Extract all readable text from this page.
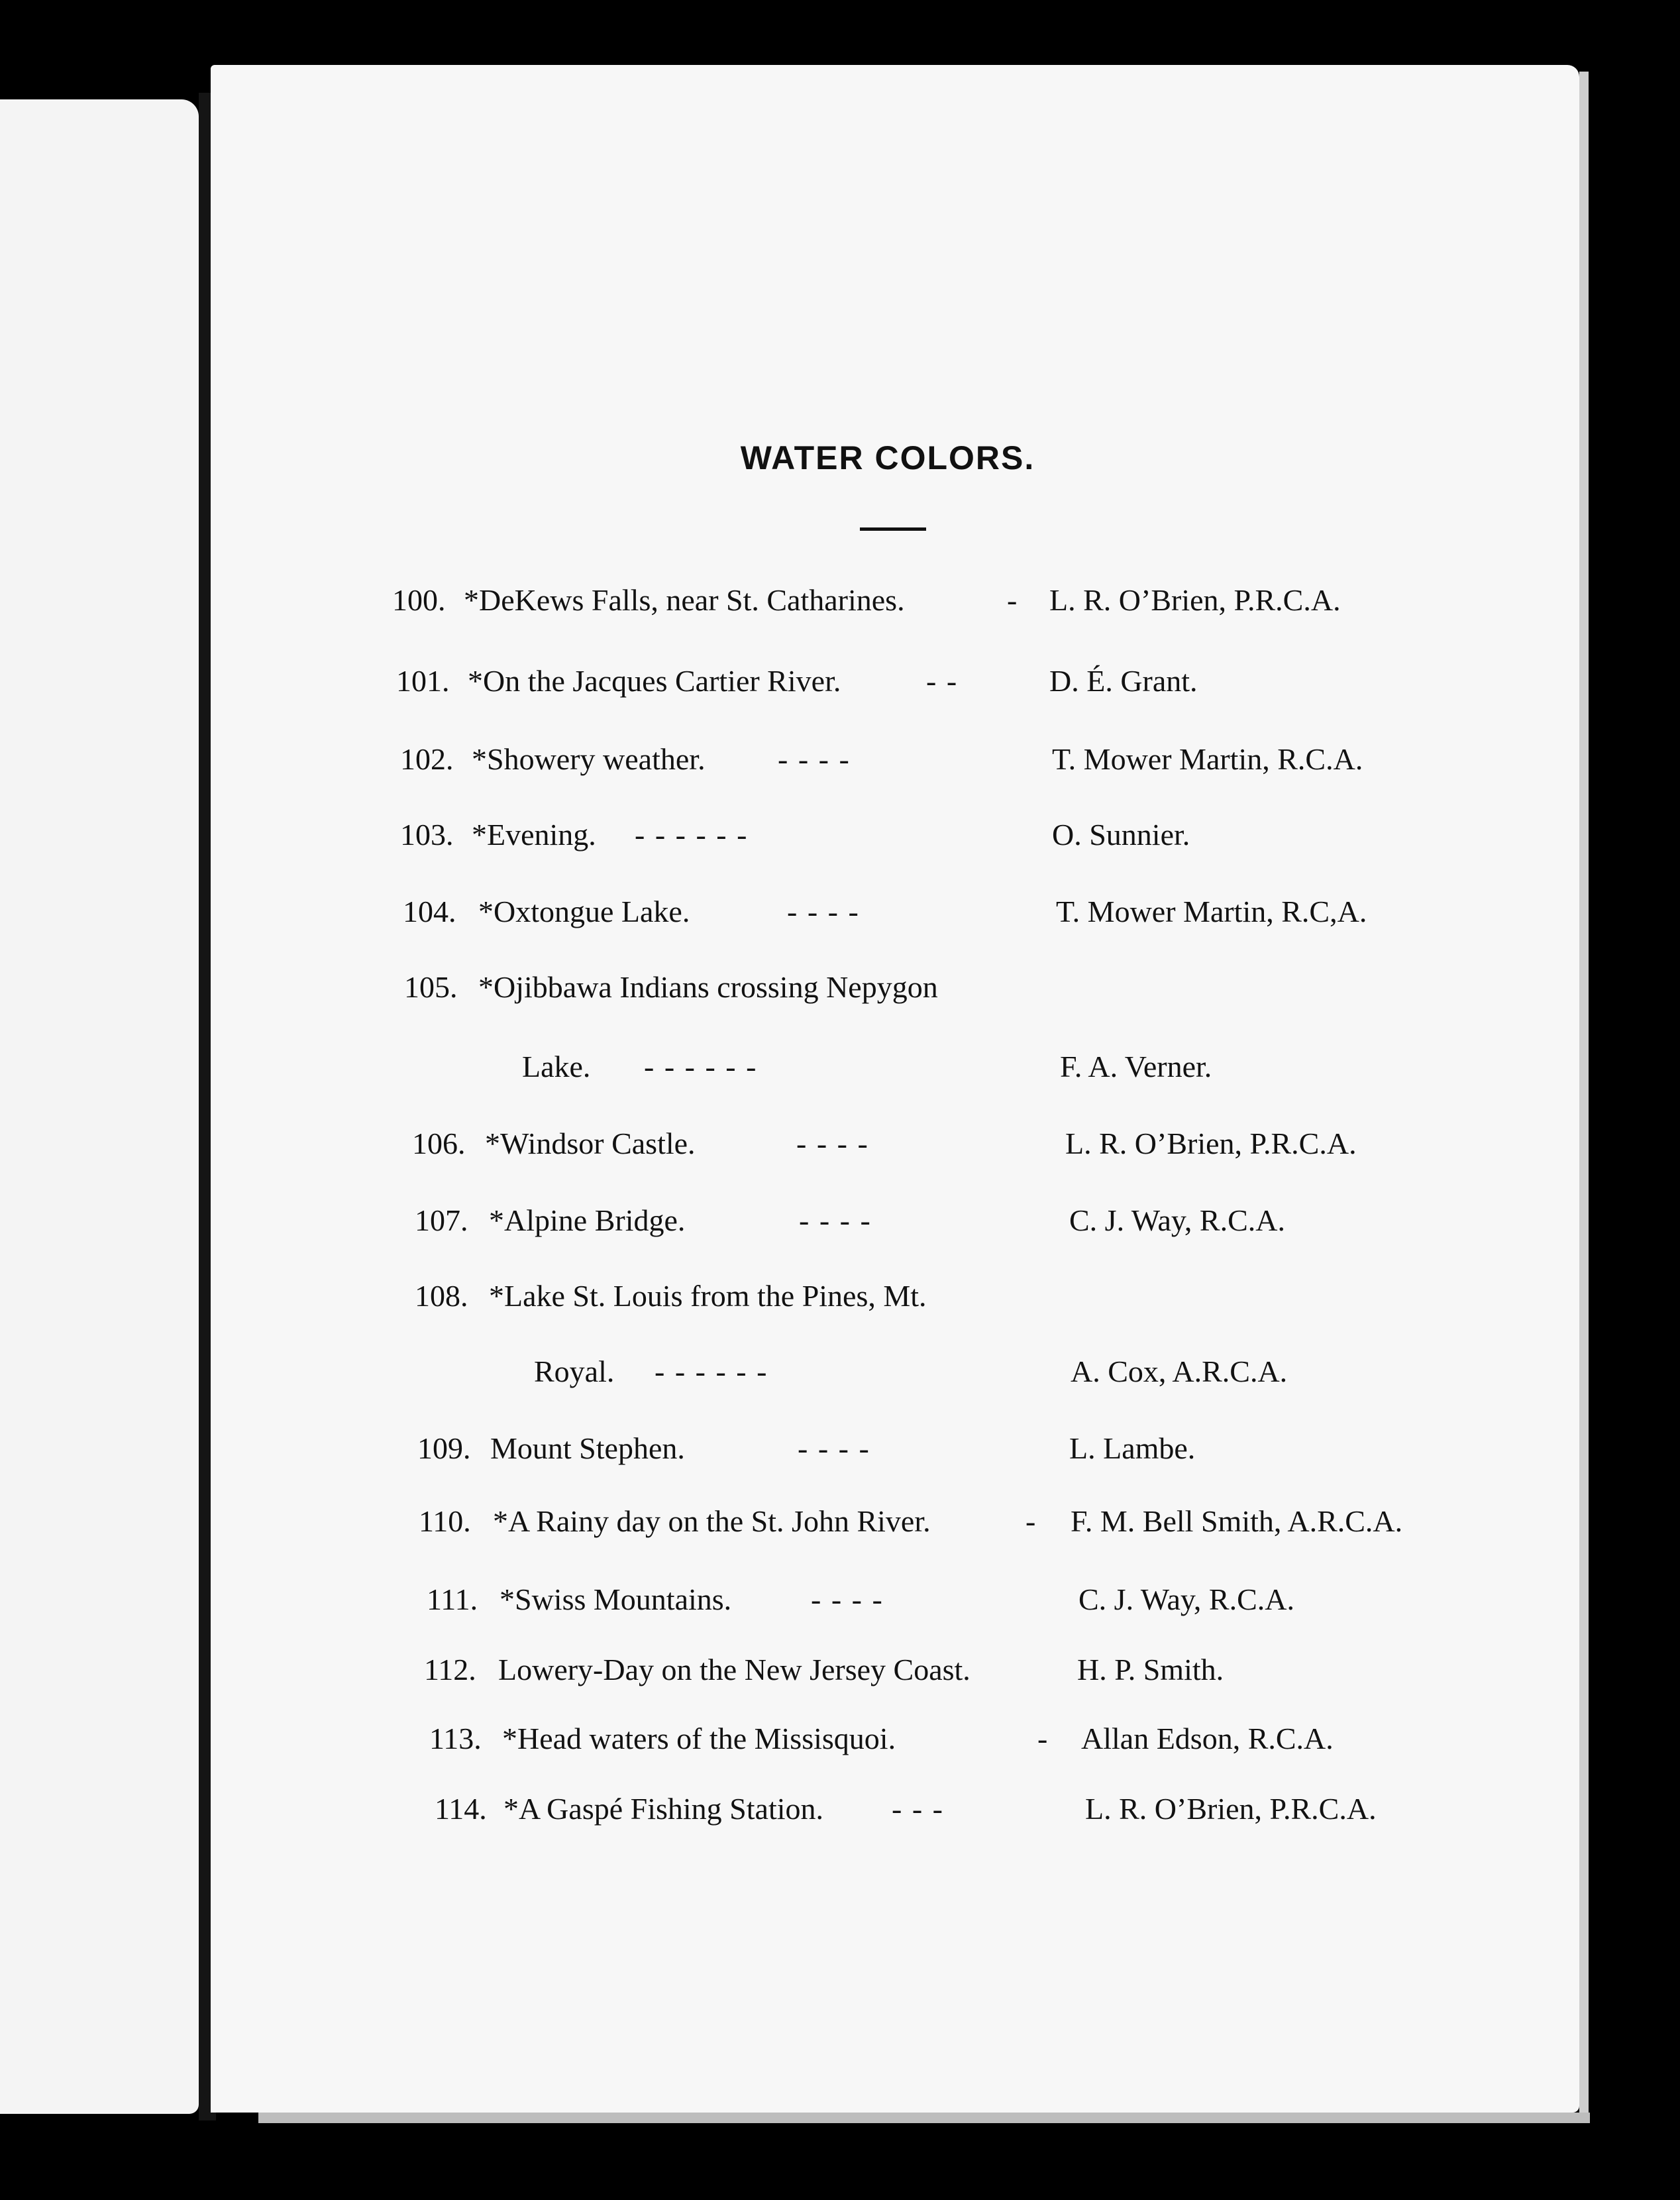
WATER COLORS.
100. *DeKews Falls, near St. Catharines.	- L. R. O’Brien, P.R.C.A.
101. *On the Jacques Cartier River.	- -	D. É. Grant.
102. *Showery weather. - - - -	T. Mower Martin, R.C.A.
103. *Evening. - - - - - -	O. Sunnier.
104. *Oxtongue Lake.	- - - -	T. Mower Martin, R.C,A.
105. *Ojibbawa Indians crossing Nepygon
Lake. - - - - - -	F. A. Verner.
106. *Windsor Castle.	- - - -	L. R. O’Brien, P.R.C.A.
107. *Alpine Bridge.	- - - -	C. J. Way, R.C.A.
108. *Lake St. Louis from the Pines, Mt.
Royal. - - - - - -	A. Cox, A.R.C.A.
109. Mount Stephen.	- - - -	L. Lambe.
110. *A Rainy day on the St. John River.	- F. M. Bell Smith, A.R.C.A.
111. *Swiss Mountains.	- - - -	C. J. Way, R.C.A.
112. Lowery-Day on the New Jersey Coast.	H. P. Smith.
113. *Head waters of the Missisquoi.	- Allan Edson, R.C.A.
114. *A Gaspé Fishing Station. - - -	L. R. O’Brien, P.R.C.A.
